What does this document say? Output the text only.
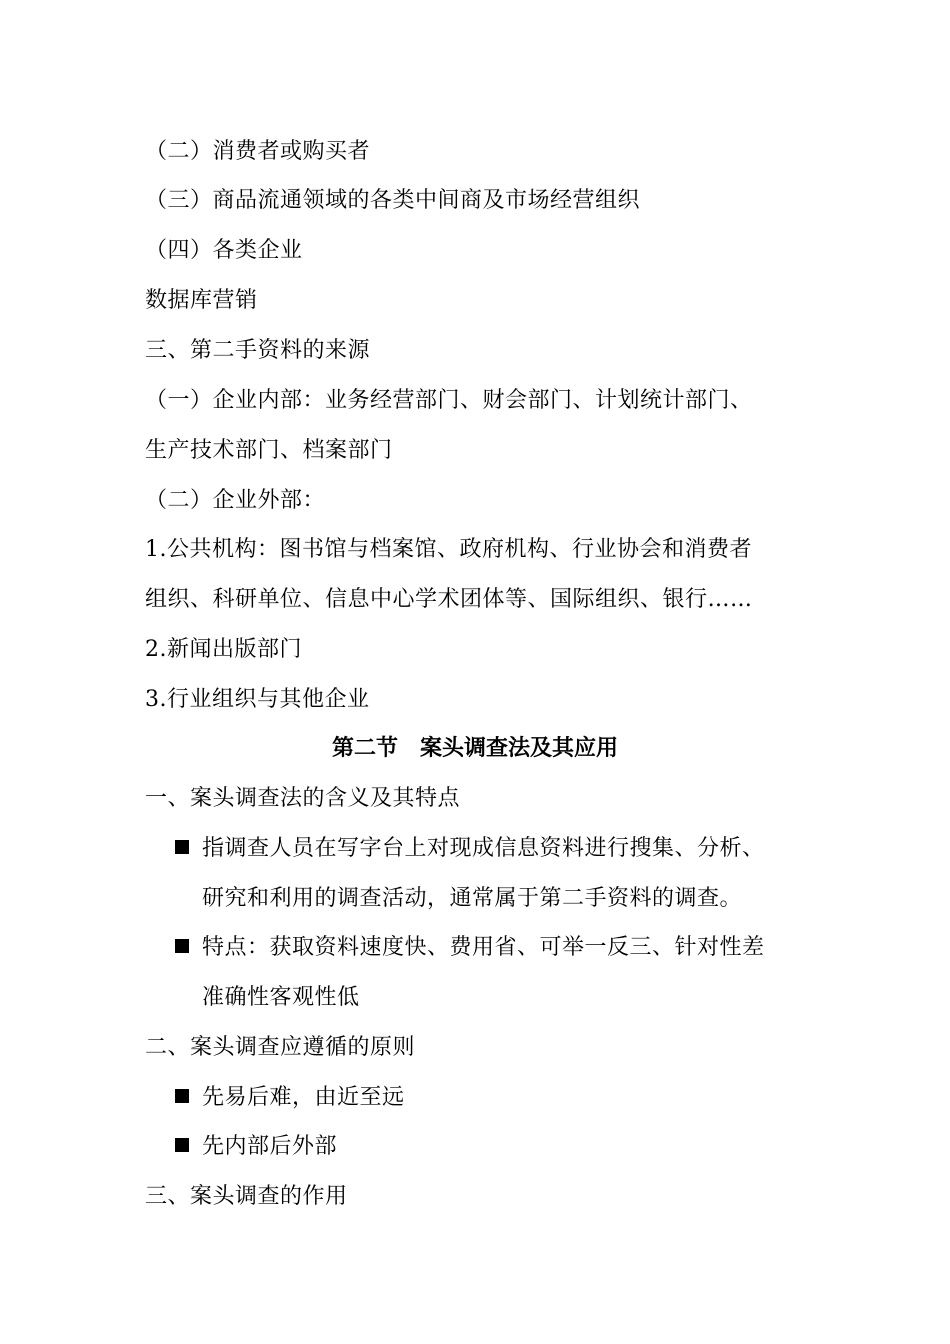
（二）消费者或购买者
（三）商品流通领域的各类中间商及市场经营组织
（四）各类企业
数据库营销
三、第二手资料的来源
（一）企业内部：业务经营部门、财会部门、计划统计部门、
生产技术部门、档案部门
（二）企业外部：
1.公共机构：图书馆与档案馆、政府机构、行业协会和消费者
组织、科研单位、信息中心学术团体等、国际组织、银行……
2.新闻出版部门
3.行业组织与其他企业
第二节　案头调查法及其应用
一、案头调查法的含义及其特点
指调查人员在写字台上对现成信息资料进行搜集、分析、
研究和利用的调查活动，通常属于第二手资料的调查。
特点：获取资料速度快、费用省、可举一反三、针对性差
准确性客观性低
二、案头调查应遵循的原则
先易后难，由近至远
先内部后外部
三、案头调查的作用
